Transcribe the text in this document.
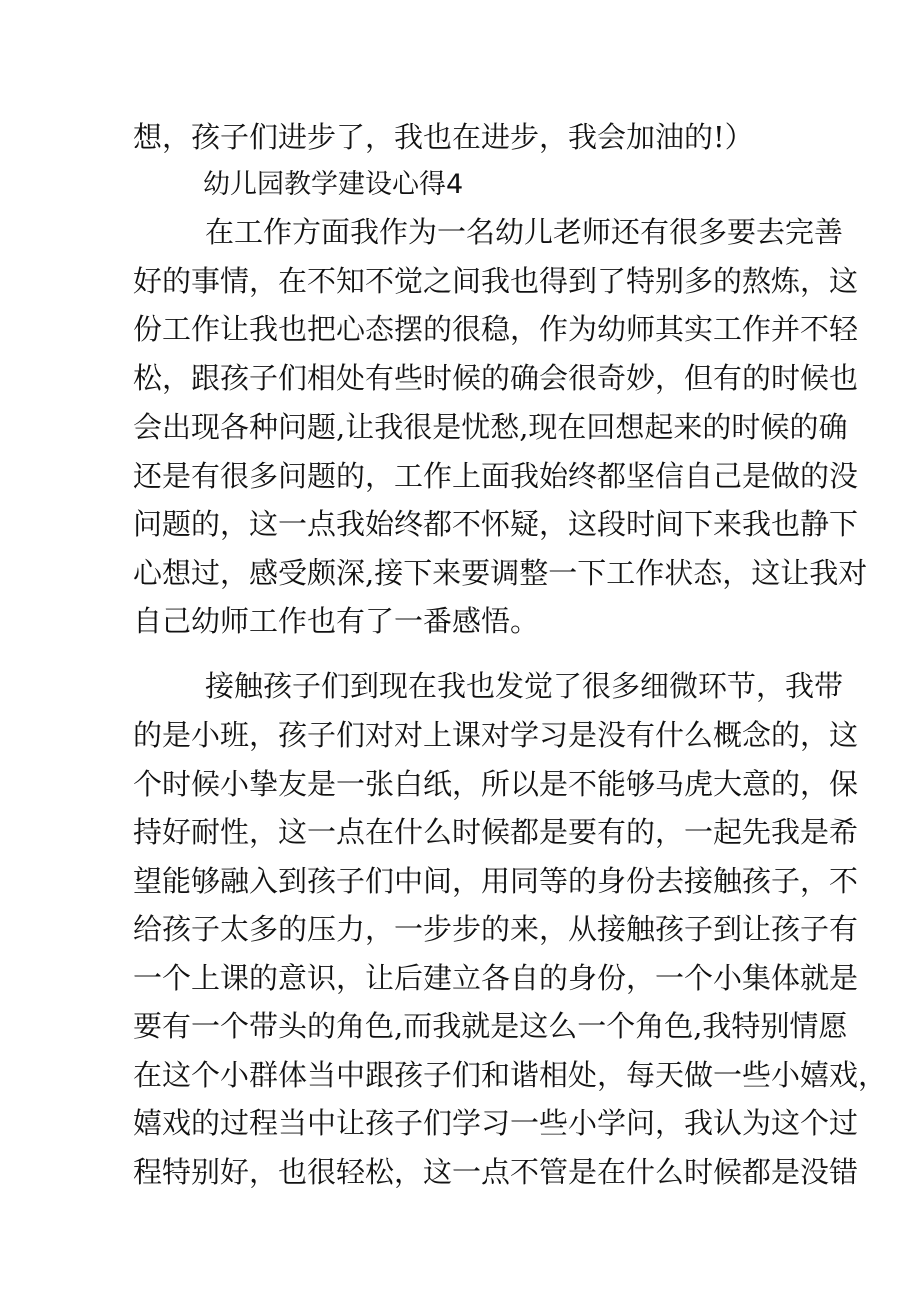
想，孩子们进步了，我也在进步，我会加油的!）
幼儿园教学建设心得4
在工作方面我作为一名幼儿老师还有很多要去完善
好的事情，在不知不觉之间我也得到了特别多的熬炼，这
份工作让我也把心态摆的很稳，作为幼师其实工作并不轻
松，跟孩子们相处有些时候的确会很奇妙，但有的时候也
会出现各种问题,让我很是忧愁,现在回想起来的时候的确
还是有很多问题的，工作上面我始终都坚信自己是做的没
问题的，这一点我始终都不怀疑，这段时间下来我也静下
心想过，感受颇深,接下来要调整一下工作状态，这让我对
自己幼师工作也有了一番感悟。
接触孩子们到现在我也发觉了很多细微环节，我带
的是小班，孩子们对对上课对学习是没有什么概念的，这
个时候小挚友是一张白纸，所以是不能够马虎大意的，保
持好耐性，这一点在什么时候都是要有的，一起先我是希
望能够融入到孩子们中间，用同等的身份去接触孩子，不
给孩子太多的压力，一步步的来，从接触孩子到让孩子有
一个上课的意识，让后建立各自的身份，一个小集体就是
要有一个带头的角色,而我就是这么一个角色,我特别情愿
在这个小群体当中跟孩子们和谐相处，每天做一些小嬉戏，
嬉戏的过程当中让孩子们学习一些小学问，我认为这个过
程特别好，也很轻松，这一点不管是在什么时候都是没错
